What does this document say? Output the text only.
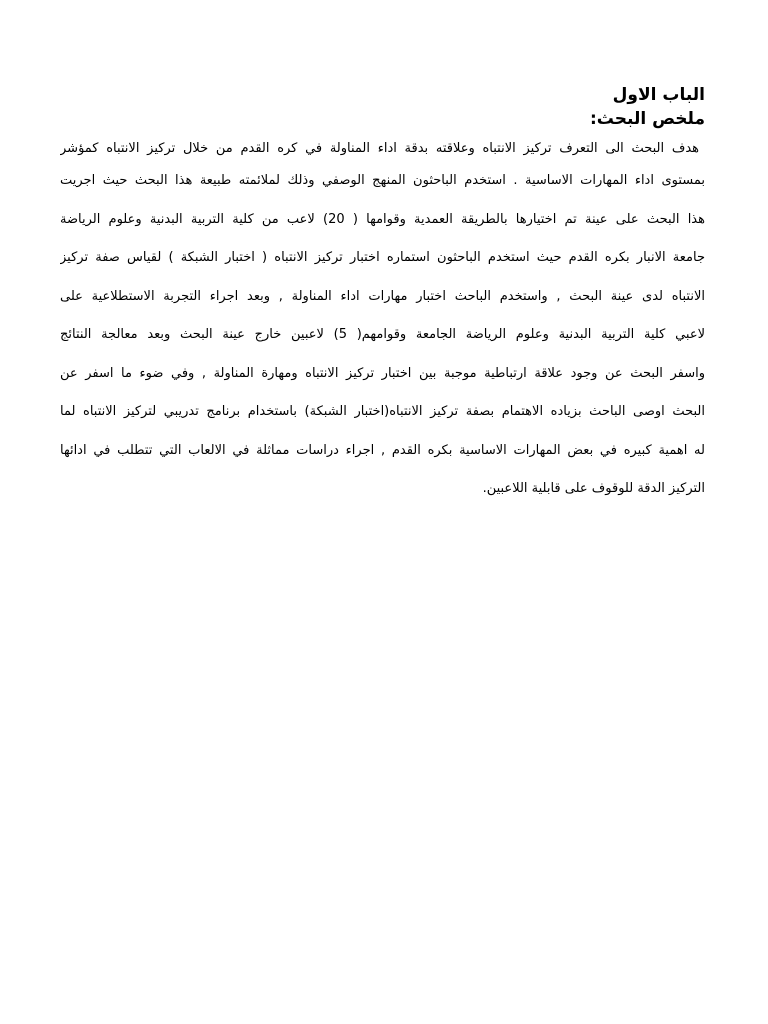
الباب الاول
ملخص البحث:
هدف البحث الى التعرف تركيز الانتباه وعلاقته بدقة اداء المناولة في كره القدم من خلال تركيز الانتباه كمؤشر
بمستوى اداء المهارات الاساسية . استخدم الباحثون المنهج الوصفي وذلك لملائمته طبيعة هذا البحث حيث اجريت
هذا البحث على عينة تم اختيارها بالطريقة العمدية وقوامها ( 20) لاعب من كلية التربية البدنية وعلوم الرياضة
جامعة الانبار بكره القدم حيث استخدم الباحثون استماره اختبار تركيز الانتباه ( اختبار الشبكة ) لقياس صفة تركيز
الانتباه لدى عينة البحث , واستخدم الباحث اختبار مهارات اداء المناولة , وبعد اجراء التجربة الاستطلاعية على
لاعبي كلية التربية البدنية وعلوم الرياضة الجامعة وقوامهم( 5) لاعبين خارج عينة البحث وبعد معالجة النتائج
واسفر البحث عن وجود علاقة ارتباطية موجبة بين اختبار تركيز الانتباه ومهارة المناولة , وفي ضوء ما اسفر عن
البحث اوصى الباحث بزياده الاهتمام بصفة تركيز الانتباه(اختبار الشبكة) باستخدام برنامج تدريبي لتركيز الانتباه لما
له اهمية كبيره في بعض المهارات الاساسية بكره القدم , اجراء دراسات مماثلة في الالعاب التي تتطلب في ادائها
التركيز الدقة للوقوف على قابلية اللاعبين.
